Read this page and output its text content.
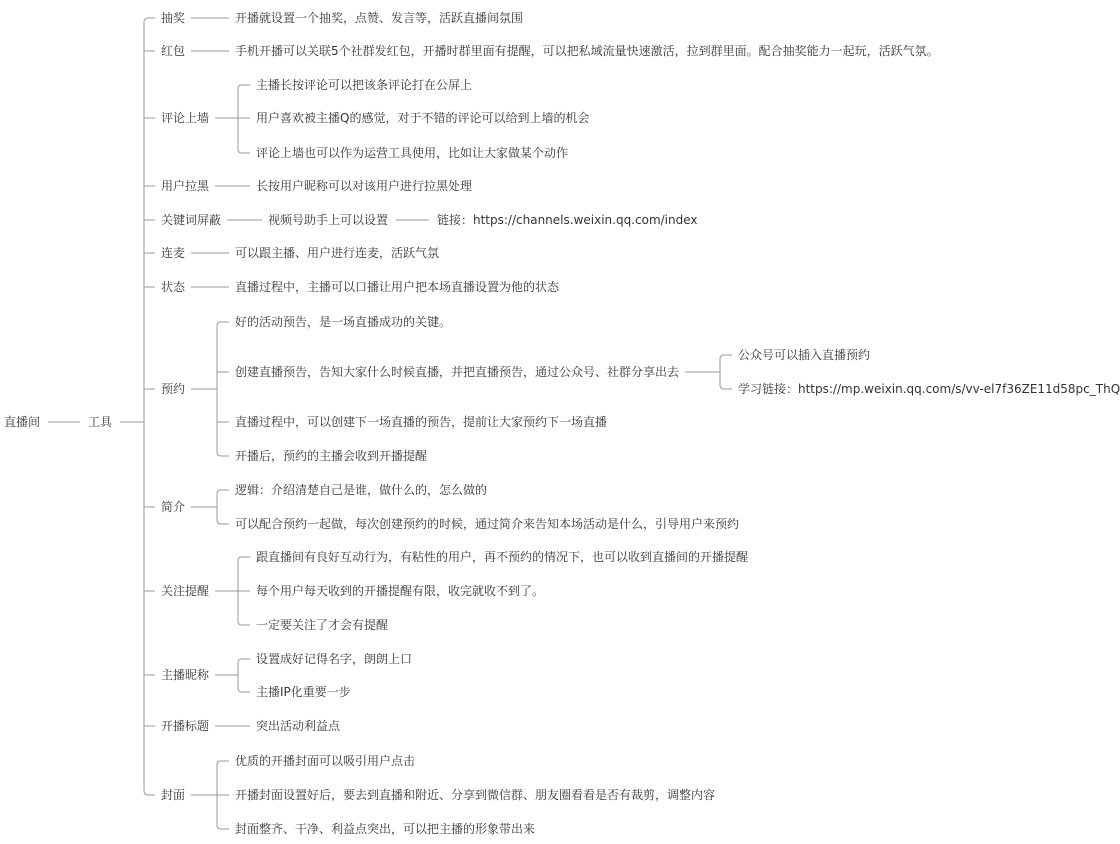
直播间	工具
抽奖	开播就设置一个抽奖，点赞、发言等，活跃直播间氛围
红包	手机开播可以关联5个社群发红包，开播时群里面有提醒，可以把私域流量快速激活，拉到群里面。配合抽奖能力一起玩，活跃气氛。
评论上墙
主播长按评论可以把该条评论打在公屏上
用户喜欢被主播Q的感觉，对于不错的评论可以给到上墙的机会
评论上墙也可以作为运营工具使用，比如让大家做某个动作
用户拉黑	长按用户昵称可以对该用户进行拉黑处理
关键词屏蔽	视频号助手上可以设置	链接：https://channels.weixin.qq.com/index
连麦	可以跟主播、用户进行连麦，活跃气氛
状态	直播过程中，主播可以口播让用户把本场直播设置为他的状态
预约
好的活动预告，是一场直播成功的关键。
创建直播预告，告知大家什么时候直播，并把直播预告，通过公众号、社群分享出去
直播过程中，可以创建下一场直播的预告，提前让大家预约下一场直播
开播后，预约的主播会收到开播提醒
公众号可以插入直播预约
学习链接：https://mp.weixin.qq.com/s/vv-el7f36ZE11d58pc_ThQ
简介
逻辑：介绍清楚自己是谁，做什么的，怎么做的
可以配合预约一起做，每次创建预约的时候，通过简介来告知本场活动是什么，引导用户来预约
关注提醒
跟直播间有良好互动行为，有粘性的用户，再不预约的情况下，也可以收到直播间的开播提醒
每个用户每天收到的开播提醒有限，收完就收不到了。
一定要关注了才会有提醒
主播昵称
设置成好记得名字，朗朗上口
主播IP化重要一步
开播标题	突出活动利益点
封面
优质的开播封面可以吸引用户点击
开播封面设置好后，要去到直播和附近、分享到微信群、朋友圈看看是否有裁剪，调整内容
封面整齐、干净、利益点突出，可以把主播的形象带出来
